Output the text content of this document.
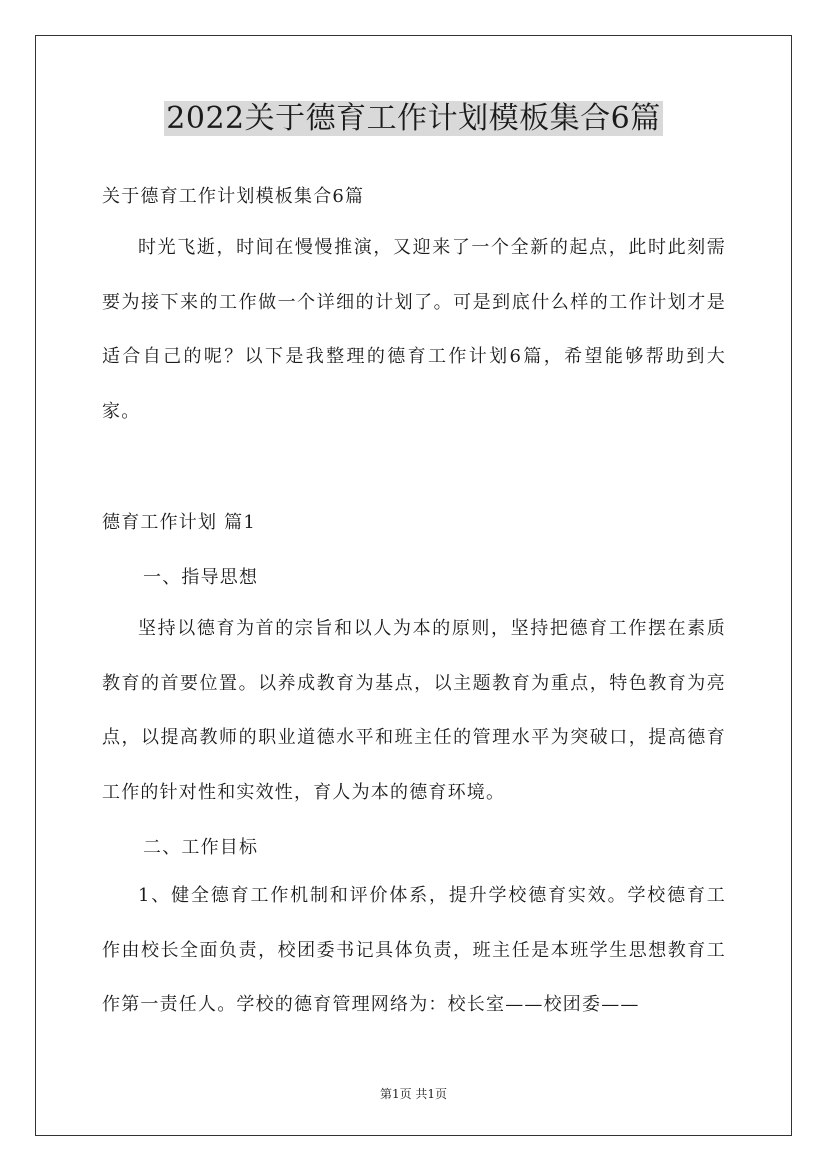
2022关于德育工作计划模板集合6篇
关于德育工作计划模板集合6篇
时光飞逝，时间在慢慢推演，又迎来了一个全新的起点，此时此刻需要为接下来的工作做一个详细的计划了。可是到底什么样的工作计划才是适合自己的呢？以下是我整理的德育工作计划6篇，希望能够帮助到大家。
德育工作计划 篇1
一、指导思想
坚持以德育为首的宗旨和以人为本的原则，坚持把德育工作摆在素质教育的首要位置。以养成教育为基点，以主题教育为重点，特色教育为亮点，以提高教师的职业道德水平和班主任的管理水平为突破口，提高德育工作的针对性和实效性，育人为本的德育环境。
二、工作目标
1、健全德育工作机制和评价体系，提升学校德育实效。学校德育工作由校长全面负责，校团委书记具体负责，班主任是本班学生思想教育工作第一责任人。学校的德育管理网络为：校长室——校团委——
第1页 共1页
